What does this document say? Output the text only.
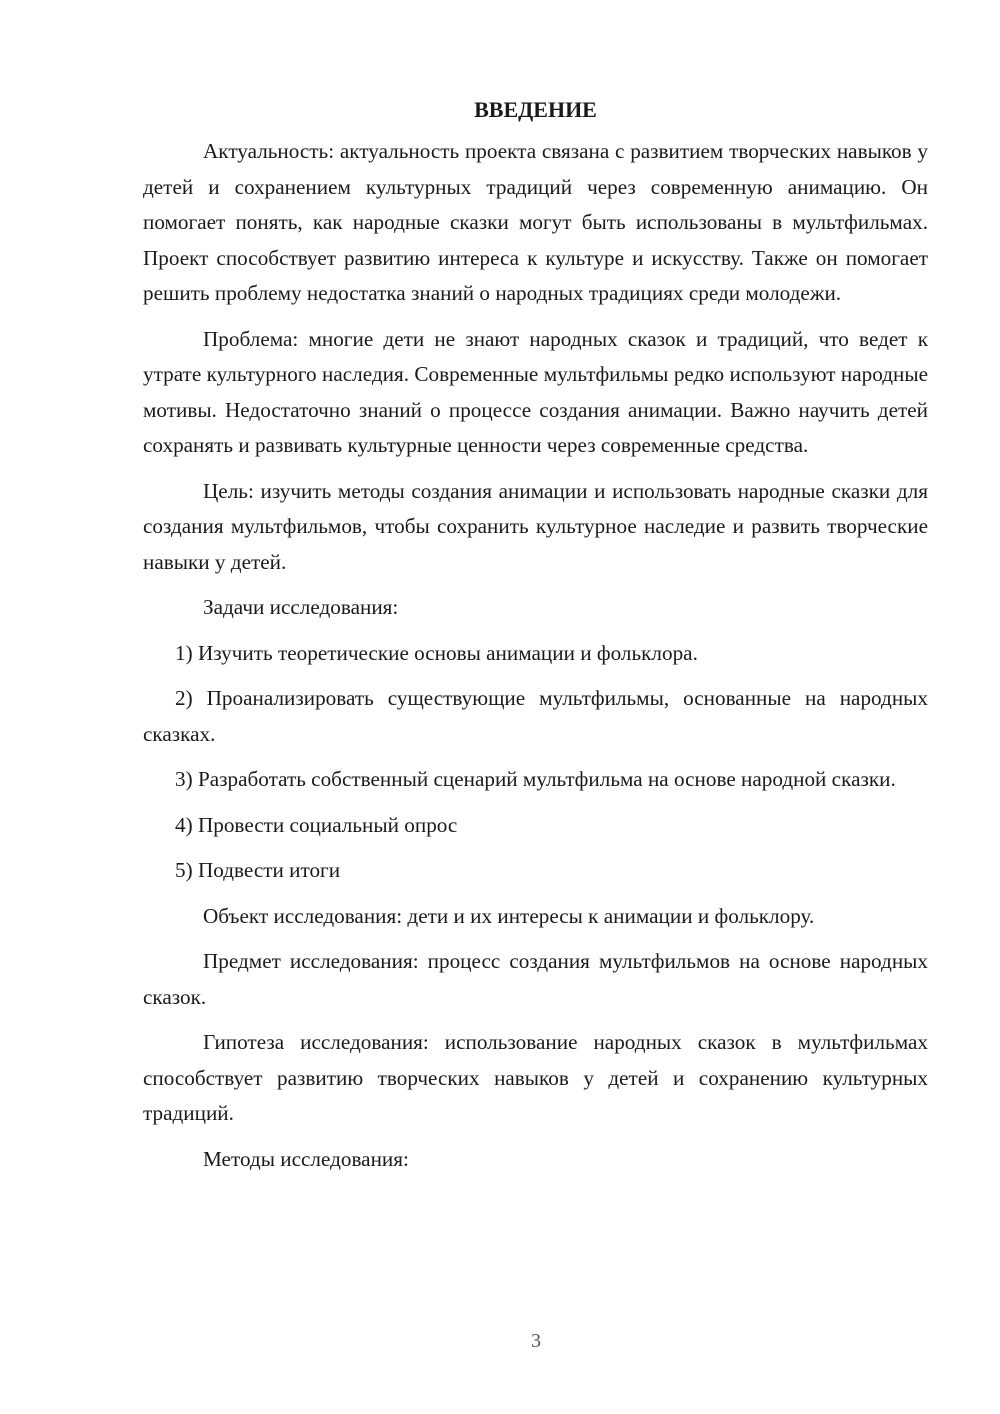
ВВЕДЕНИЕ

Актуальность: актуальность проекта связана с развитием творческих навыков у детей и сохранением культурных традиций через современную анимацию. Он помогает понять, как народные сказки могут быть использованы в мультфильмах. Проект способствует развитию интереса к культуре и искусству. Также он помогает решить проблему недостатка знаний о народных традициях среди молодежи.

Проблема: многие дети не знают народных сказок и традиций, что ведет к утрате культурного наследия. Современные мультфильмы редко используют народные мотивы. Недостаточно знаний о процессе создания анимации. Важно научить детей сохранять и развивать культурные ценности через современные средства.

Цель: изучить методы создания анимации и использовать народные сказки для создания мультфильмов, чтобы сохранить культурное наследие и развить творческие навыки у детей.

Задачи исследования:

1) Изучить теоретические основы анимации и фольклора.

2) Проанализировать существующие мультфильмы, основанные на народных сказках.

3) Разработать собственный сценарий мультфильма на основе народной сказки.

4) Провести социальный опрос

5) Подвести итоги

Объект исследования: дети и их интересы к анимации и фольклору.

Предмет исследования: процесс создания мультфильмов на основе народных сказок.

Гипотеза исследования: использование народных сказок в мультфильмах способствует развитию творческих навыков у детей и сохранению культурных традиций.

Методы исследования:

3
